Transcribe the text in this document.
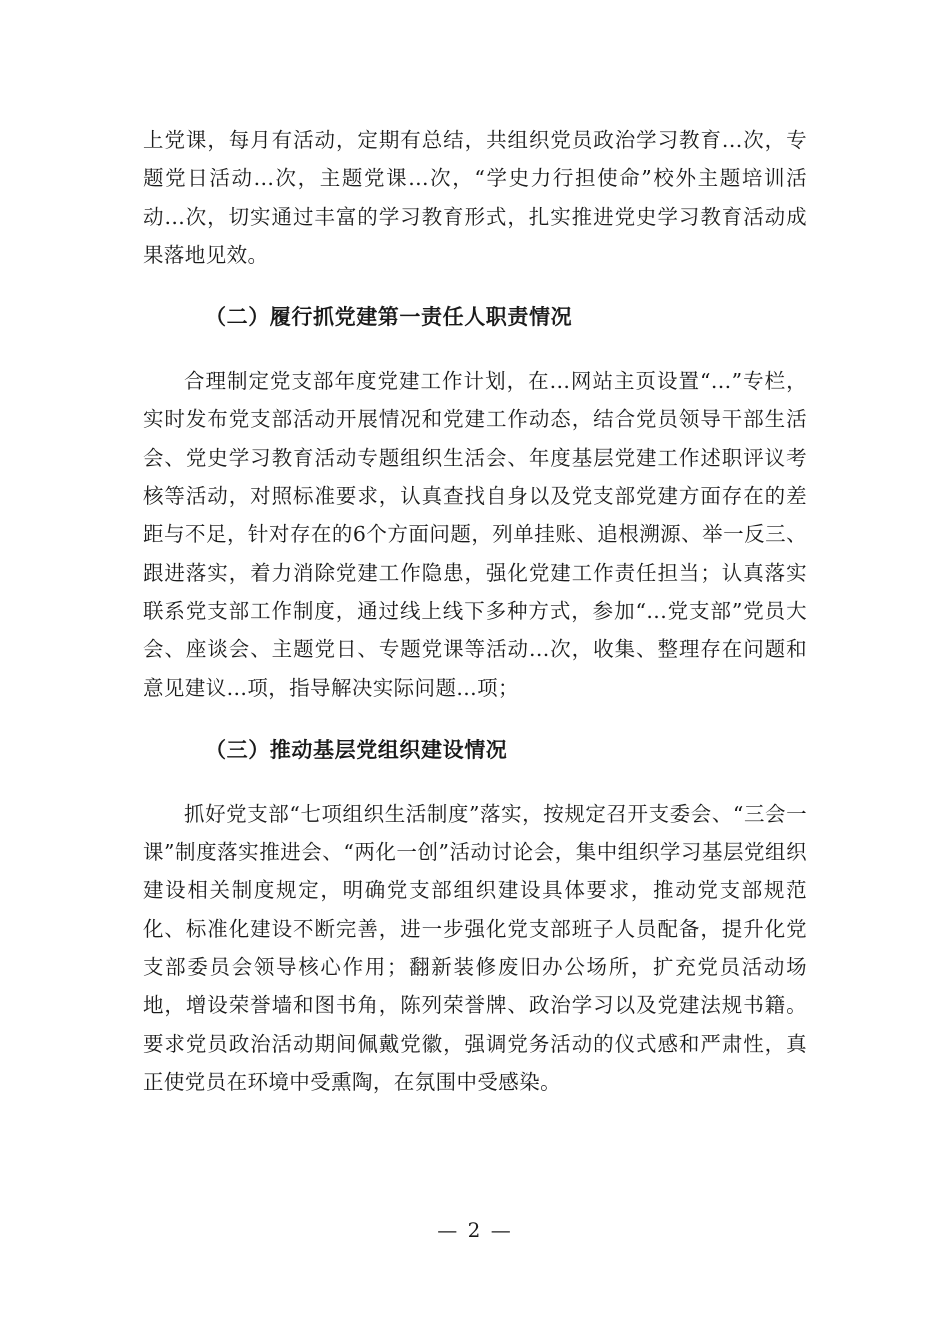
上党课，每月有活动，定期有总结，共组织党员政治学习教育...次，专题党日活动...次，主题党课...次，“学史力行担使命”校外主题培训活动...次，切实通过丰富的学习教育形式，扎实推进党史学习教育活动成果落地见效。

（二）履行抓党建第一责任人职责情况

合理制定党支部年度党建工作计划，在...网站主页设置“...”专栏，实时发布党支部活动开展情况和党建工作动态，结合党员领导干部生活会、党史学习教育活动专题组织生活会、年度基层党建工作述职评议考核等活动，对照标准要求，认真查找自身以及党支部党建方面存在的差距与不足，针对存在的6个方面问题，列单挂账、追根溯源、举一反三、跟进落实，着力消除党建工作隐患，强化党建工作责任担当；认真落实联系党支部工作制度，通过线上线下多种方式，参加“...党支部”党员大会、座谈会、主题党日、专题党课等活动...次，收集、整理存在问题和意见建议...项，指导解决实际问题...项；

（三）推动基层党组织建设情况

抓好党支部“七项组织生活制度”落实，按规定召开支委会、“三会一课”制度落实推进会、“两化一创”活动讨论会，集中组织学习基层党组织建设相关制度规定，明确党支部组织建设具体要求，推动党支部规范化、标准化建设不断完善，进一步强化党支部班子人员配备，提升化党支部委员会领导核心作用；翻新装修废旧办公场所，扩充党员活动场地，增设荣誉墙和图书角，陈列荣誉牌、政治学习以及党建法规书籍。要求党员政治活动期间佩戴党徽，强调党务活动的仪式感和严肃性，真正使党员在环境中受熏陶，在氛围中受感染。

— 2 —
